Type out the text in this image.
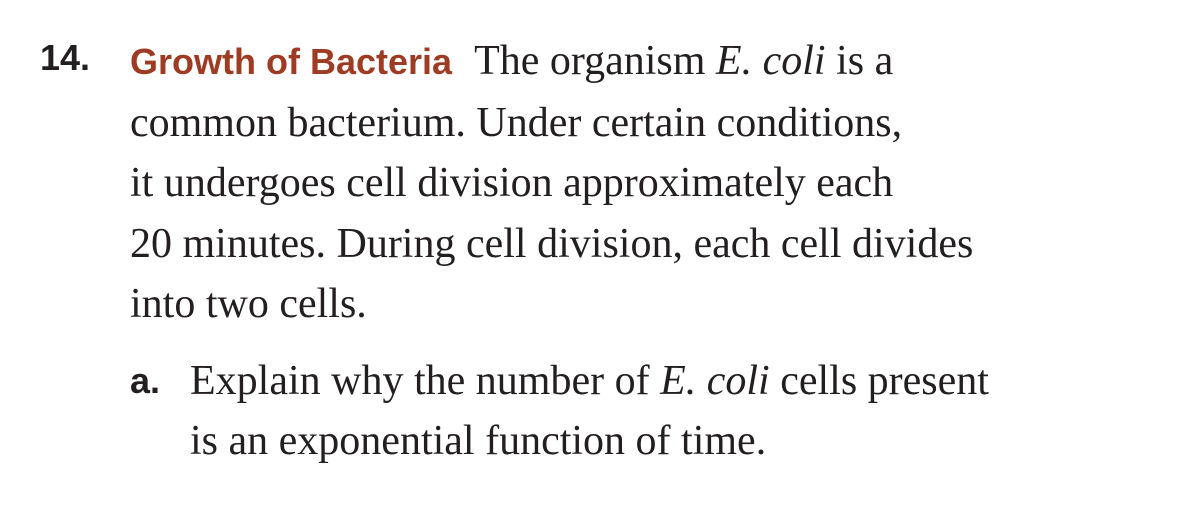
14. Growth of Bacteria The organism E. coli is a
common bacterium. Under certain conditions,
it undergoes cell division approximately each
20 minutes. During cell division, each cell divides
into two cells.
a. Explain why the number of E. coli cells present
is an exponential function of time.
